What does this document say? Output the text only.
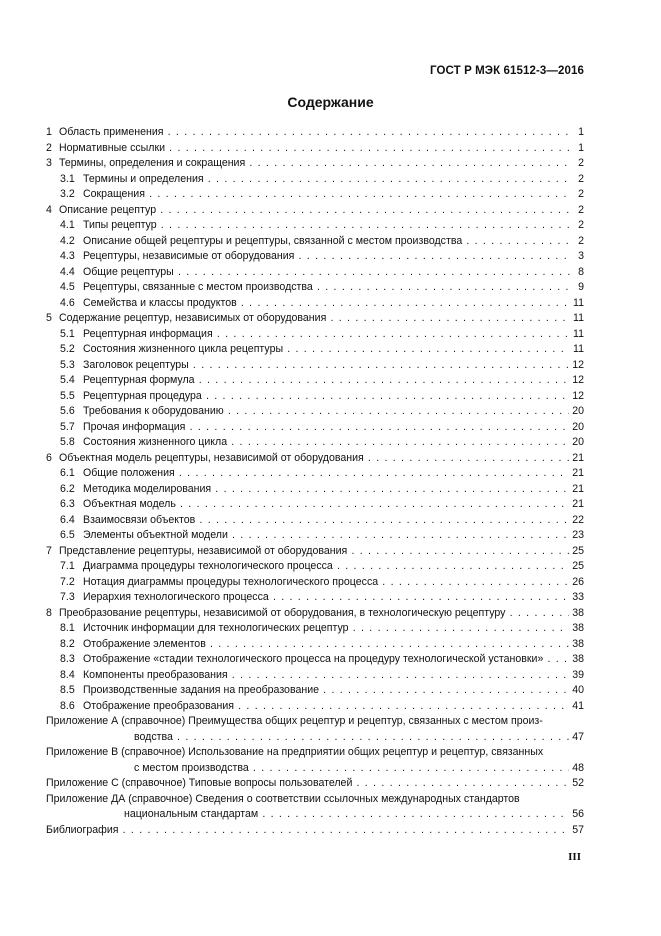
ГОСТ Р МЭК 61512-3—2016
Содержание
1 Область применения . . .	1
2 Нормативные ссылки . . .	1
3 Термины, определения и сокращения . . .	2
3.1 Термины и определения . . .	2
3.2 Сокращения . . .	2
4 Описание рецептур . . .	2
4.1 Типы рецептур . . .	2
4.2 Описание общей рецептуры и рецептуры, связанной с местом производства . . .	2
4.3 Рецептуры, независимые от оборудования . . .	3
4.4 Общие рецептуры . . .	8
4.5 Рецептуры, связанные с местом производства . . .	9
4.6 Семейства и классы продуктов . . .	11
5 Содержание рецептур, независимых от оборудования . . .	11
5.1 Рецептурная информация . . .	11
5.2 Состояния жизненного цикла рецептуры . . .	11
5.3 Заголовок рецептуры . . .	12
5.4 Рецептурная формула . . .	12
5.5 Рецептурная процедура . . .	12
5.6 Требования к оборудованию . . .	20
5.7 Прочая информация . . .	20
5.8 Состояния жизненного цикла . . .	20
6 Объектная модель рецептуры, независимой от оборудования . . .	21
6.1 Общие положения . . .	21
6.2 Методика моделирования . . .	21
6.3 Объектная модель . . .	21
6.4 Взаимосвязи объектов . . .	22
6.5 Элементы объектной модели . . .	23
7 Представление рецептуры, независимой от оборудования . . .	25
7.1 Диаграмма процедуры технологического процесса . . .	25
7.2 Нотация диаграммы процедуры технологического процесса . . .	26
7.3 Иерархия технологического процесса . . .	33
8 Преобразование рецептуры, независимой от оборудования, в технологическую рецептуру . . .	38
8.1 Источник информации для технологических рецептур . . .	38
8.2 Отображение элементов . . .	38
8.3 Отображение «стадии технологического процесса на процедуру технологической установки» . . .	38
8.4 Компоненты преобразования . . .	39
8.5 Производственные задания на преобразование . . .	40
8.6 Отображение преобразования . . .	41
Приложение А (справочное) Преимущества общих рецептур и рецептур, связанных с местом произ-
водства . . .	47
Приложение В (справочное) Использование на предприятии общих рецептур и рецептур, связанных
с местом производства . . .	48
Приложение С (справочное) Типовые вопросы пользователей . . .	52
Приложение ДА (справочное) Сведения о соответствии ссылочных международных стандартов
национальным стандартам . . .	56
Библиография . . .	57
III
